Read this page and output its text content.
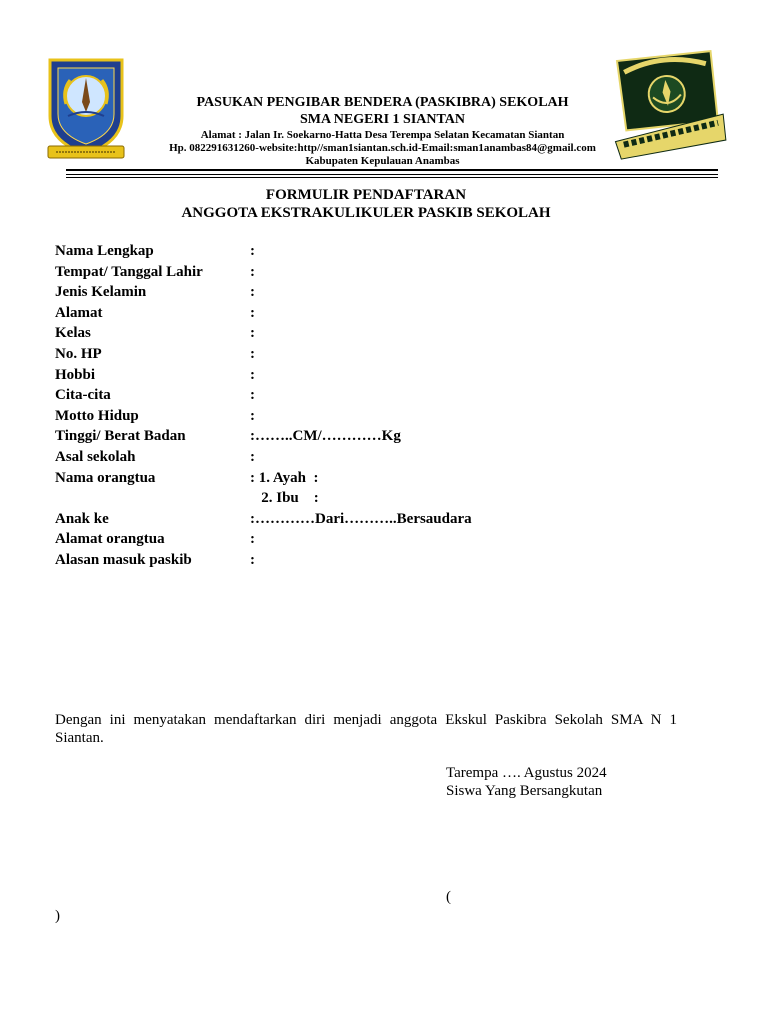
PASUKAN PENGIBAR BENDERA (PASKIBRA) SEKOLAH
SMA NEGERI 1 SIANTAN
Alamat : Jalan Ir. Soekarno-Hatta Desa Terempa Selatan Kecamatan Siantan
Hp. 082291631260-website:http//sman1siantan.sch.id-Email:sman1anambas84@gmail.com
Kabupaten Kepulauan Anambas
FORMULIR PENDAFTARAN
ANGGOTA EKSTRAKULIKULER PASKIB SEKOLAH
Nama Lengkap	:
Tempat/ Tanggal Lahir	:
Jenis Kelamin	:
Alamat	:
Kelas	:
No. HP	:
Hobbi	:
Cita-cita	:
Motto Hidup	:
Tinggi/ Berat Badan	:……..CM/…………Kg
Asal sekolah	:
Nama orangtua	: 1. Ayah  :
2. Ibu    :
Anak ke	:…………Dari………..Bersaudara
Alamat orangtua	:
Alasan masuk paskib	:
Dengan ini menyatakan mendaftarkan diri menjadi anggota Ekskul Paskibra Sekolah SMA N 1 Siantan.
Tarempa …. Agustus 2024
Siswa Yang Bersangkutan
(
)
